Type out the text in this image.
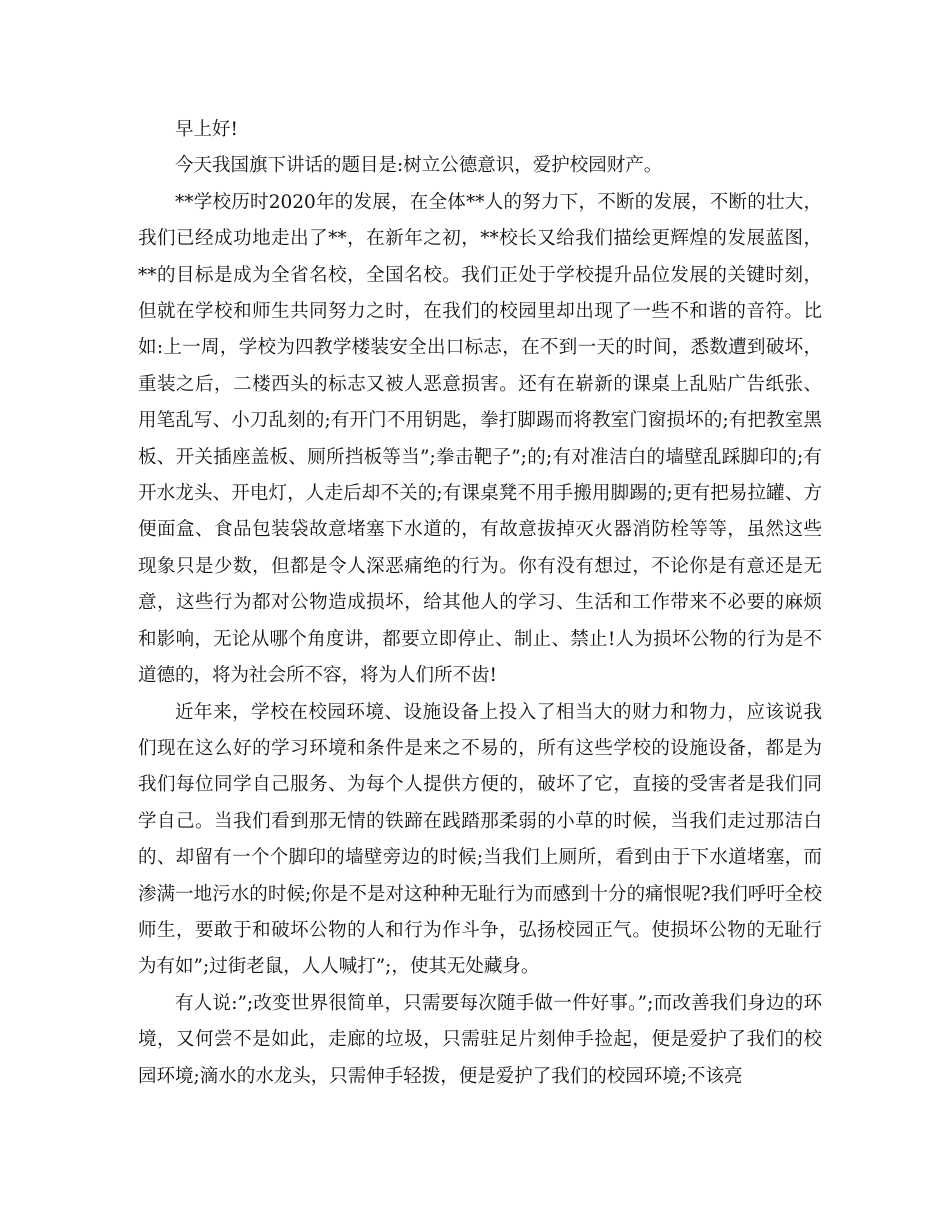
早上好!

今天我国旗下讲话的题目是:树立公德意识，爱护校园财产。

**学校历时2020年的发展，在全体**人的努力下，不断的发展，不断的壮大，我们已经成功地走出了**，在新年之初，**校长又给我们描绘更辉煌的发展蓝图，**的目标是成为全省名校，全国名校。我们正处于学校提升品位发展的关键时刻，但就在学校和师生共同努力之时，在我们的校园里却出现了一些不和谐的音符。比如:上一周，学校为四教学楼装安全出口标志，在不到一天的时间，悉数遭到破坏，重装之后，二楼西头的标志又被人恶意损害。还有在崭新的课桌上乱贴广告纸张、用笔乱写、小刀乱刻的;有开门不用钥匙，拳打脚踢而将教室门窗损坏的;有把教室黑板、开关插座盖板、厕所挡板等当”;拳击靶子”;的;有对准洁白的墙壁乱踩脚印的;有开水龙头、开电灯，人走后却不关的;有课桌凳不用手搬用脚踢的;更有把易拉罐、方便面盒、食品包装袋故意堵塞下水道的，有故意拔掉灭火器消防栓等等，虽然这些现象只是少数，但都是令人深恶痛绝的行为。你有没有想过，不论你是有意还是无意，这些行为都对公物造成损坏，给其他人的学习、生活和工作带来不必要的麻烦和影响，无论从哪个角度讲，都要立即停止、制止、禁止!人为损坏公物的行为是不道德的，将为社会所不容，将为人们所不齿!

近年来，学校在校园环境、设施设备上投入了相当大的财力和物力，应该说我们现在这么好的学习环境和条件是来之不易的，所有这些学校的设施设备，都是为我们每位同学自己服务、为每个人提供方便的，破坏了它，直接的受害者是我们同学自己。当我们看到那无情的铁蹄在践踏那柔弱的小草的时候，当我们走过那洁白的、却留有一个个脚印的墙壁旁边的时候;当我们上厕所，看到由于下水道堵塞，而渗满一地污水的时候;你是不是对这种种无耻行为而感到十分的痛恨呢?我们呼吁全校师生，要敢于和破坏公物的人和行为作斗争，弘扬校园正气。使损坏公物的无耻行为有如”;过街老鼠，人人喊打”;，使其无处藏身。

有人说:”;改变世界很简单，只需要每次随手做一件好事。”;而改善我们身边的环境，又何尝不是如此，走廊的垃圾，只需驻足片刻伸手捡起，便是爱护了我们的校园环境;滴水的水龙头，只需伸手轻拨，便是爱护了我们的校园环境;不该亮
